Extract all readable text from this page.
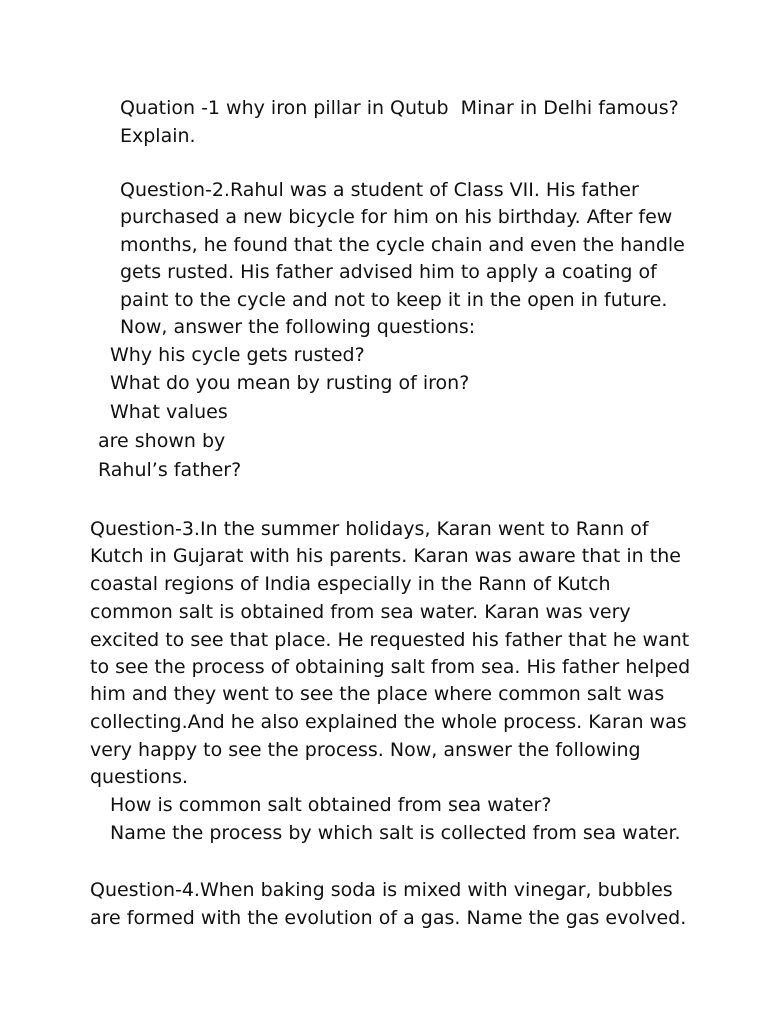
Quation -1 why iron pillar in Qutub  Minar in Delhi famous?
Explain.
Question-2.Rahul was a student of Class VII. His father
purchased a new bicycle for him on his birthday. After few
months, he found that the cycle chain and even the handle
gets rusted. His father advised him to apply a coating of
paint to the cycle and not to keep it in the open in future.
Now, answer the following questions:
Why his cycle gets rusted?
What do you mean by rusting of iron?
What values
are shown by
Rahul’s father?
Question-3.In the summer holidays, Karan went to Rann of
Kutch in Gujarat with his parents. Karan was aware that in the
coastal regions of India especially in the Rann of Kutch
common salt is obtained from sea water. Karan was very
excited to see that place. He requested his father that he want
to see the process of obtaining salt from sea. His father helped
him and they went to see the place where common salt was
collecting.And he also explained the whole process. Karan was
very happy to see the process. Now, answer the following
questions.
How is common salt obtained from sea water?
Name the process by which salt is collected from sea water.
Question-4.When baking soda is mixed with vinegar, bubbles
are formed with the evolution of a gas. Name the gas evolved.
